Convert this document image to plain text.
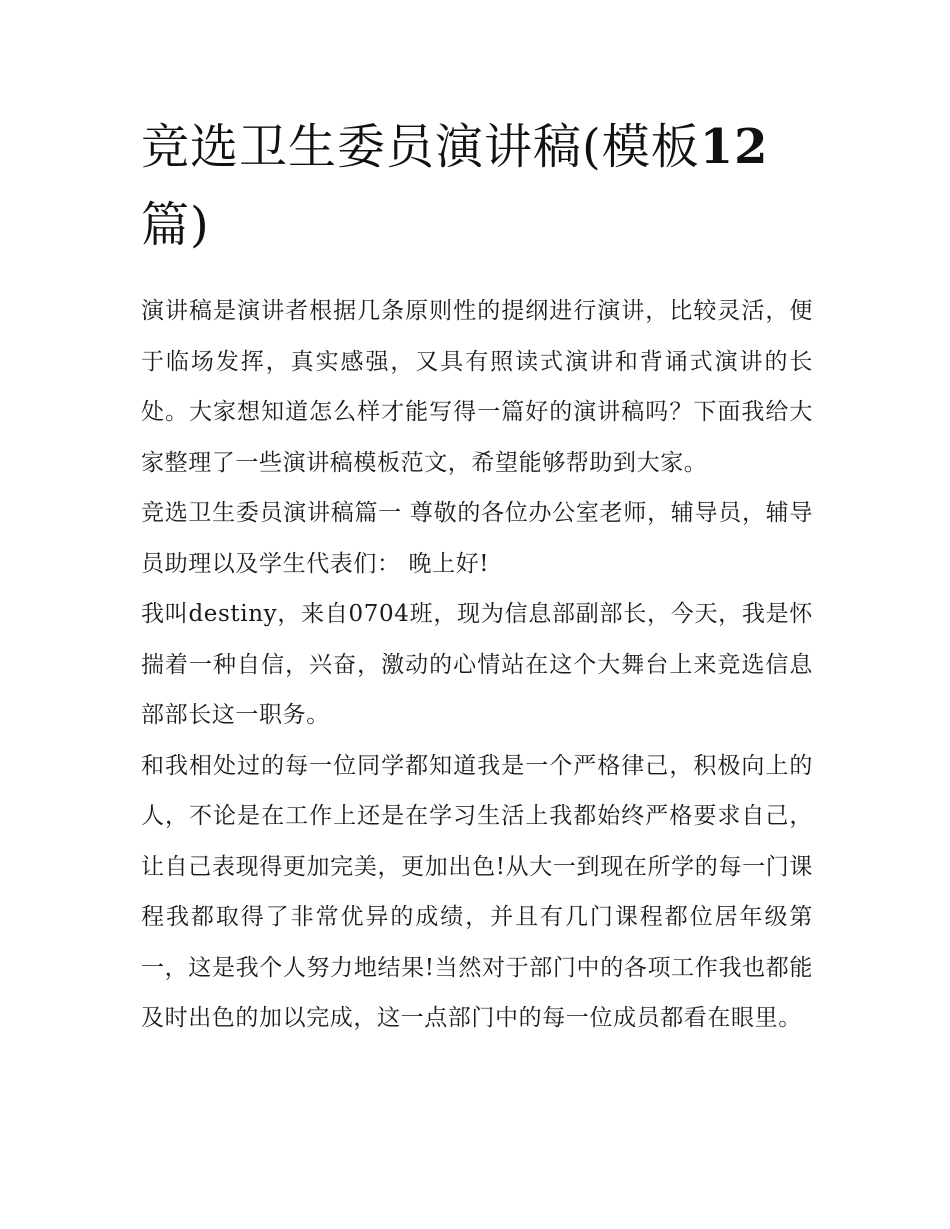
竞选卫生委员演讲稿(模板12
篇)

演讲稿是演讲者根据几条原则性的提纲进行演讲，比较灵活，便于临场发挥，真实感强，又具有照读式演讲和背诵式演讲的长处。大家想知道怎么样才能写得一篇好的演讲稿吗？下面我给大家整理了一些演讲稿模板范文，希望能够帮助到大家。

竞选卫生委员演讲稿篇一 尊敬的各位办公室老师，辅导员，辅导员助理以及学生代表们： 晚上好!

我叫destiny，来自0704班，现为信息部副部长，今天，我是怀揣着一种自信，兴奋，激动的心情站在这个大舞台上来竞选信息部部长这一职务。

和我相处过的每一位同学都知道我是一个严格律己，积极向上的人，不论是在工作上还是在学习生活上我都始终严格要求自己，让自己表现得更加完美，更加出色!从大一到现在所学的每一门课程我都取得了非常优异的成绩，并且有几门课程都位居年级第一，这是我个人努力地结果!当然对于部门中的各项工作我也都能及时出色的加以完成，这一点部门中的每一位成员都看在眼里。
